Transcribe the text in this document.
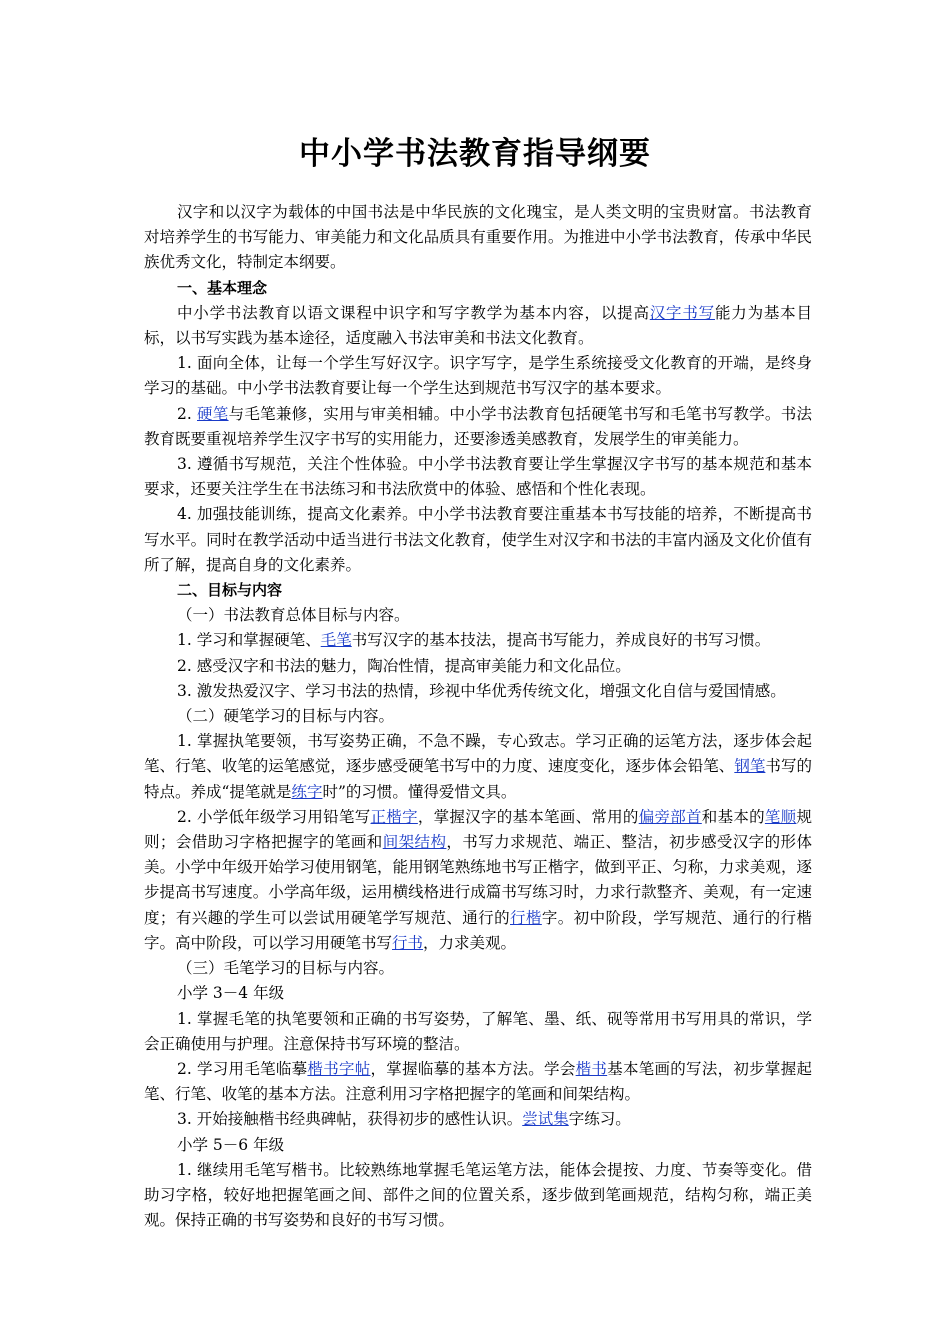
中小学书法教育指导纲要

汉字和以汉字为载体的中国书法是中华民族的文化瑰宝，是人类文明的宝贵财富。书法教育对培养学生的书写能力、审美能力和文化品质具有重要作用。为推进中小学书法教育，传承中华民族优秀文化，特制定本纲要。

一、基本理念

中小学书法教育以语文课程中识字和写字教学为基本内容，以提高汉字书写能力为基本目标，以书写实践为基本途径，适度融入书法审美和书法文化教育。

1. 面向全体，让每一个学生写好汉字。识字写字，是学生系统接受文化教育的开端，是终身学习的基础。中小学书法教育要让每一个学生达到规范书写汉字的基本要求。

2. 硬笔与毛笔兼修，实用与审美相辅。中小学书法教育包括硬笔书写和毛笔书写教学。书法教育既要重视培养学生汉字书写的实用能力，还要渗透美感教育，发展学生的审美能力。

3. 遵循书写规范，关注个性体验。中小学书法教育要让学生掌握汉字书写的基本规范和基本要求，还要关注学生在书法练习和书法欣赏中的体验、感悟和个性化表现。

4. 加强技能训练，提高文化素养。中小学书法教育要注重基本书写技能的培养，不断提高书写水平。同时在教学活动中适当进行书法文化教育，使学生对汉字和书法的丰富内涵及文化价值有所了解，提高自身的文化素养。

二、目标与内容

（一）书法教育总体目标与内容。

1. 学习和掌握硬笔、毛笔书写汉字的基本技法，提高书写能力，养成良好的书写习惯。

2. 感受汉字和书法的魅力，陶冶性情，提高审美能力和文化品位。

3. 激发热爱汉字、学习书法的热情，珍视中华优秀传统文化，增强文化自信与爱国情感。

（二）硬笔学习的目标与内容。

1. 掌握执笔要领，书写姿势正确，不急不躁，专心致志。学习正确的运笔方法，逐步体会起笔、行笔、收笔的运笔感觉，逐步感受硬笔书写中的力度、速度变化，逐步体会铅笔、钢笔书写的特点。养成“提笔就是练字时”的习惯。懂得爱惜文具。

2. 小学低年级学习用铅笔写正楷字，掌握汉字的基本笔画、常用的偏旁部首和基本的笔顺规则；会借助习字格把握字的笔画和间架结构，书写力求规范、端正、整洁，初步感受汉字的形体美。小学中年级开始学习使用钢笔，能用钢笔熟练地书写正楷字，做到平正、匀称，力求美观，逐步提高书写速度。小学高年级，运用横线格进行成篇书写练习时，力求行款整齐、美观，有一定速度；有兴趣的学生可以尝试用硬笔学写规范、通行的行楷字。初中阶段，学写规范、通行的行楷字。高中阶段，可以学习用硬笔书写行书，力求美观。

（三）毛笔学习的目标与内容。

小学 3－4 年级

1. 掌握毛笔的执笔要领和正确的书写姿势，了解笔、墨、纸、砚等常用书写用具的常识，学会正确使用与护理。注意保持书写环境的整洁。

2. 学习用毛笔临摹楷书字帖，掌握临摹的基本方法。学会楷书基本笔画的写法，初步掌握起笔、行笔、收笔的基本方法。注意利用习字格把握字的笔画和间架结构。

3. 开始接触楷书经典碑帖，获得初步的感性认识。尝试集字练习。

小学 5－6 年级

1. 继续用毛笔写楷书。比较熟练地掌握毛笔运笔方法，能体会提按、力度、节奏等变化。借助习字格，较好地把握笔画之间、部件之间的位置关系，逐步做到笔画规范，结构匀称，端正美观。保持正确的书写姿势和良好的书写习惯。
